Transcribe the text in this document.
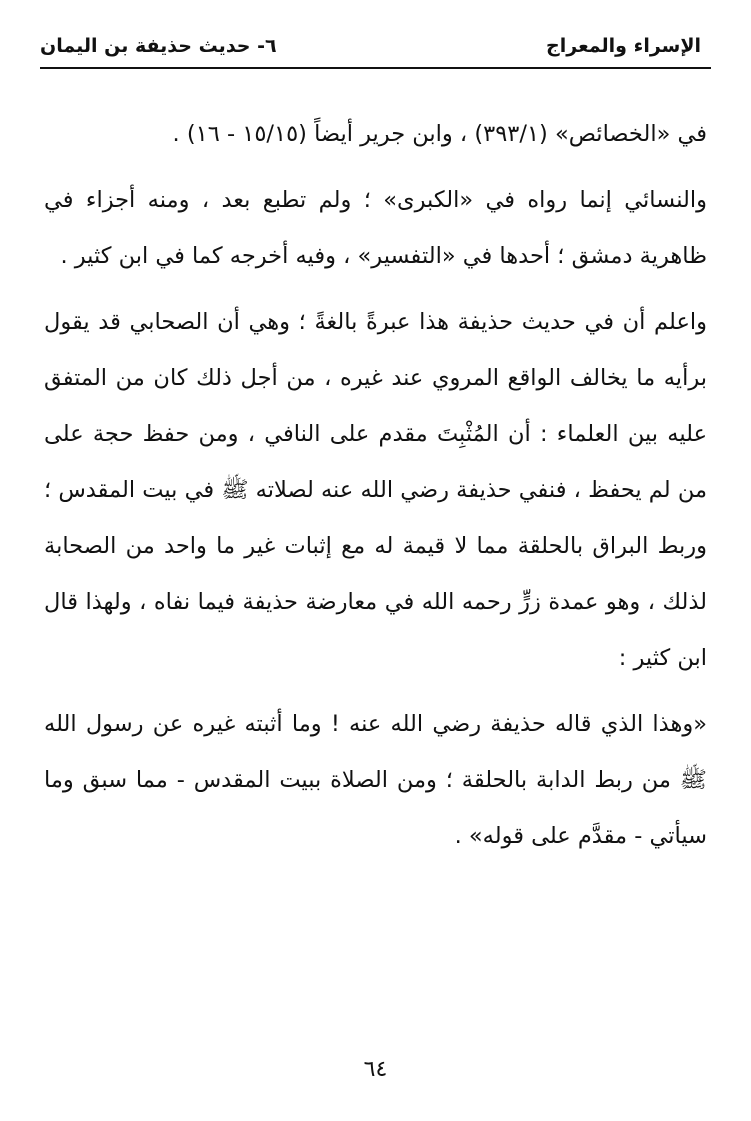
الإسراء والمعراج
٦- حديث حذيفة بن اليمان

في «الخصائص» (٣٩٣/١) ، وابن جرير أيضاً (١٥/١٥ - ١٦) .

والنسائي إنما رواه في «الكبرى» ؛ ولم تطبع بعد ، ومنه أجزاء في ظاهرية دمشق ؛ أحدها في «التفسير» ، وفيه أخرجه كما في ابن كثير .

واعلم أن في حديث حذيفة هذا عبرةً بالغةً ؛ وهي أن الصحابي قد يقول برأيه ما يخالف الواقع المروي عند غيره ، من أجل ذلك كان من المتفق عليه بين العلماء : أن المُثْبِتَ مقدم على النافي ، ومن حفظ حجة على من لم يحفظ ، فنفي حذيفة رضي الله عنه لصلاته ﷺ في بيت المقدس ؛ وربط البراق بالحلقة مما لا قيمة له مع إثبات غير ما واحد من الصحابة لذلك ، وهو عمدة زرٍّ رحمه الله في معارضة حذيفة فيما نفاه ، ولهذا قال ابن كثير :

«وهذا الذي قاله حذيفة رضي الله عنه ! وما أثبته غيره عن رسول الله ﷺ من ربط الدابة بالحلقة ؛ ومن الصلاة ببيت المقدس - مما سبق وما سيأتي - مقدَّم على قوله» .

٦٤
